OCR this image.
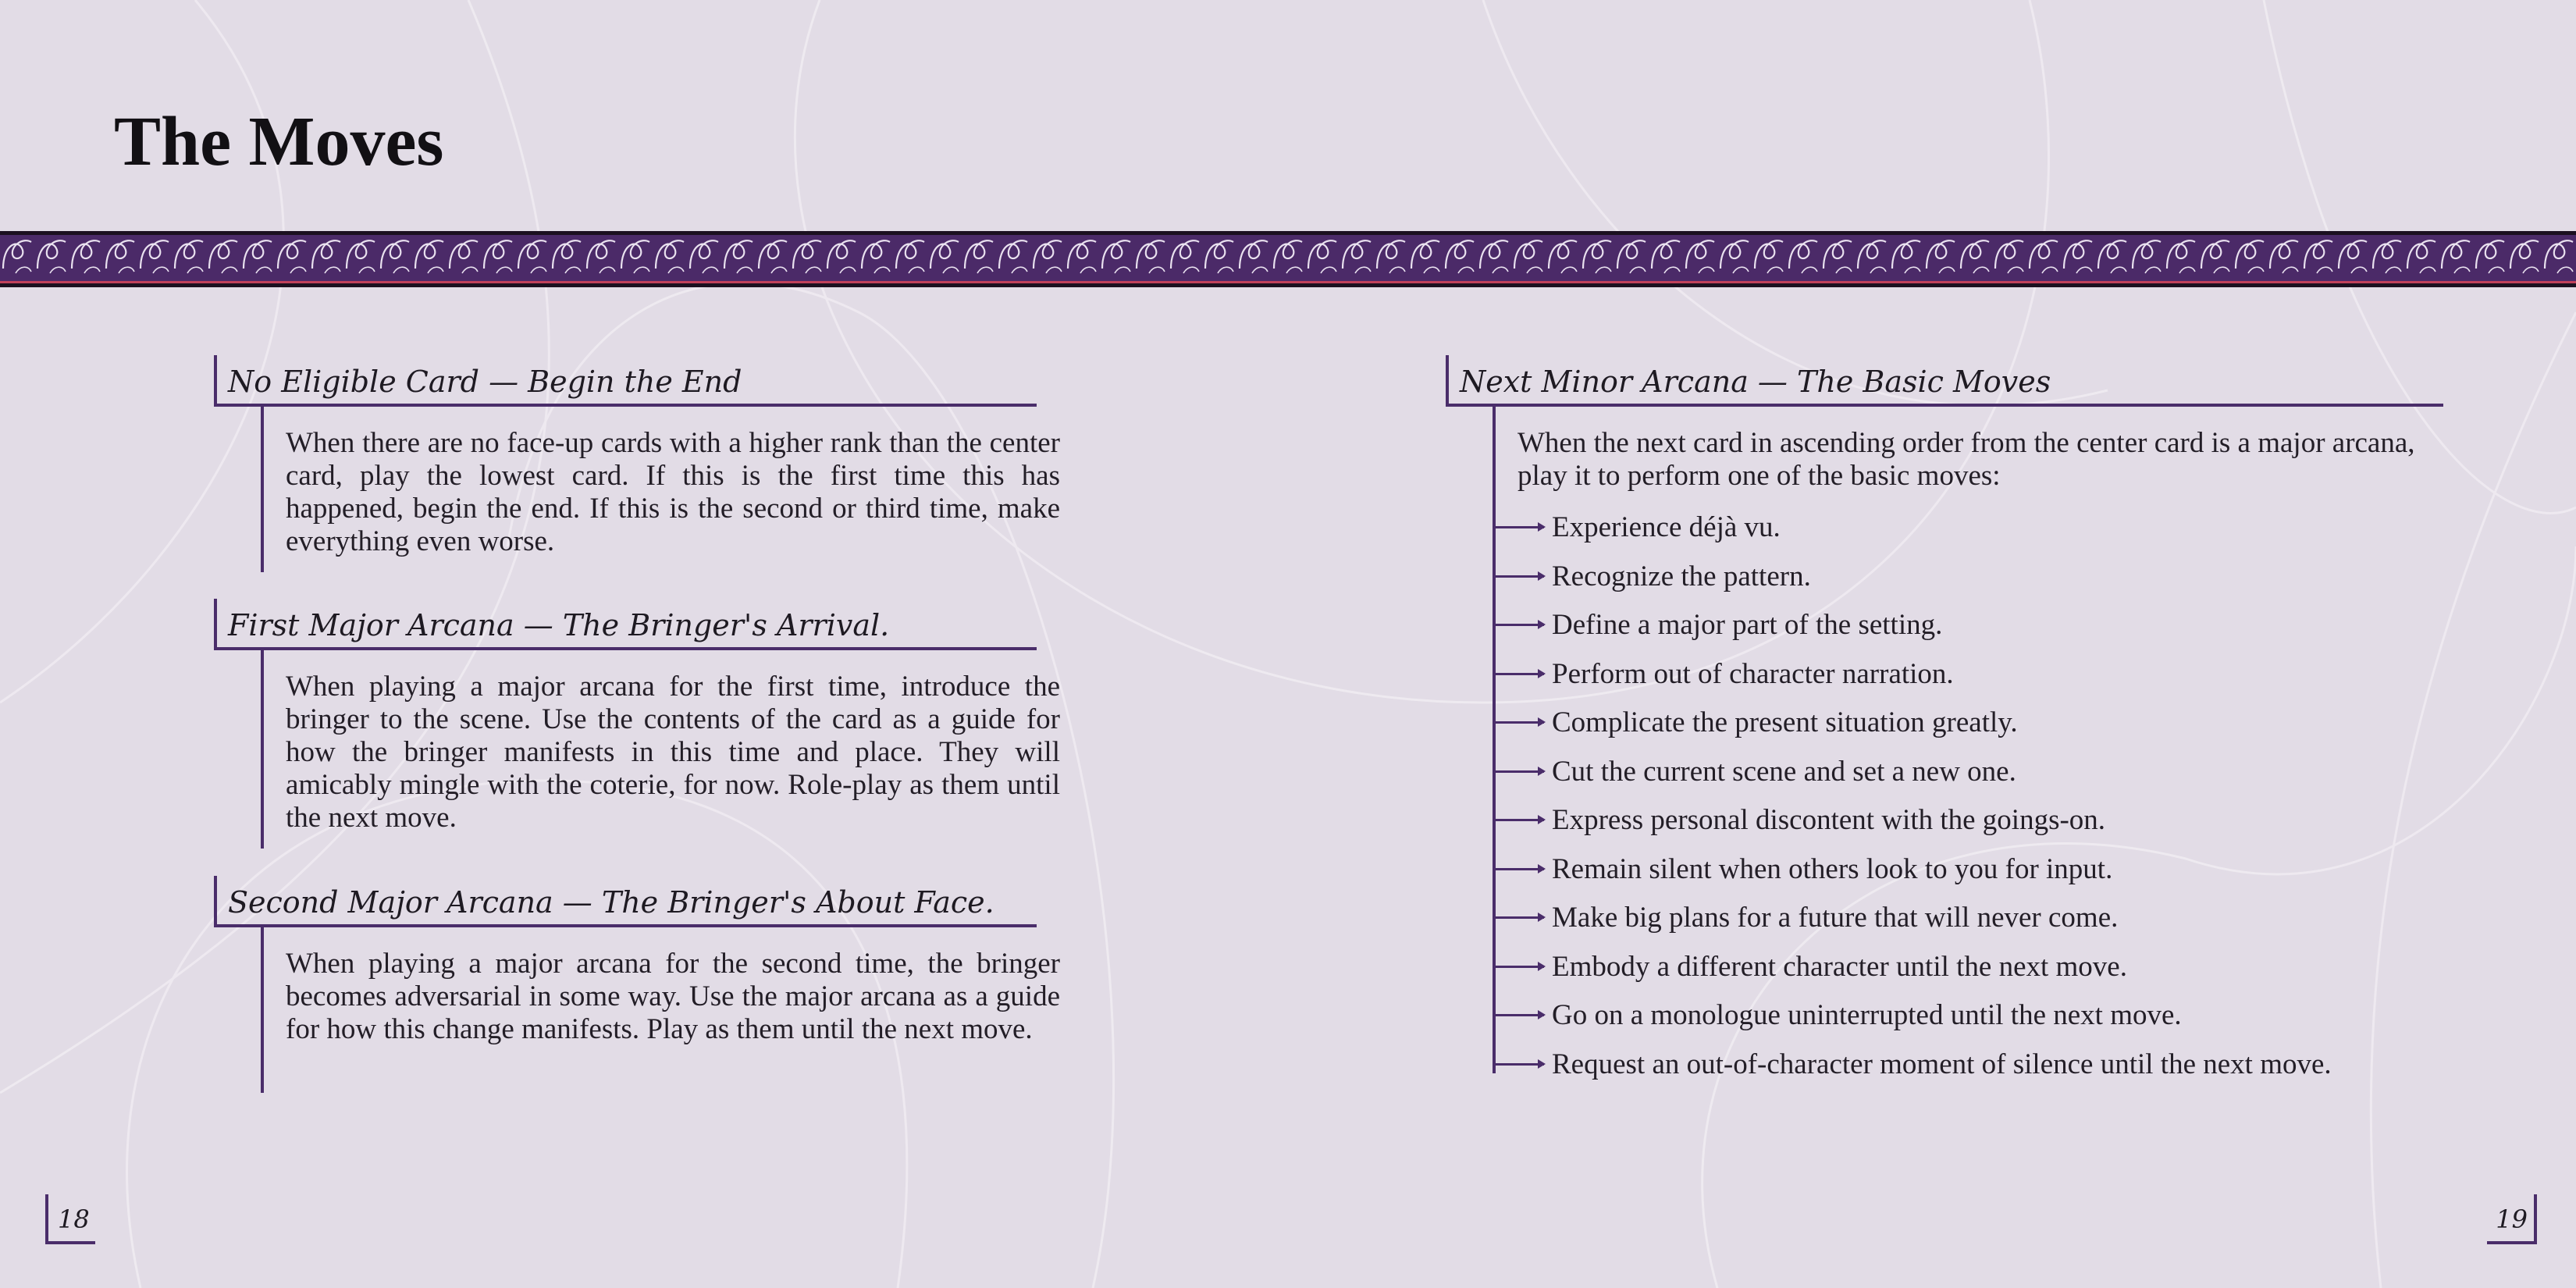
The Moves
No Eligible Card — Begin the End

When there are no face-up cards with a higher rank than the center card, play the lowest card. If this is the first time this has happened, begin the end. If this is the second or third time, make everything even worse.

First Major Arcana — The Bringer's Arrival.

When playing a major arcana for the first time, introduce the bringer to the scene. Use the contents of the card as a guide for how the bringer manifests in this time and place. They will amicably mingle with the coterie, for now. Role-play as them until the next move.

Second Major Arcana — The Bringer's About Face.

When playing a major arcana for the second time, the bringer becomes adversarial in some way. Use the major arcana as a guide for how this change manifests. Play as them until the next move.

Next Minor Arcana — The Basic Moves

When the next card in ascending order from the center card is a major arcana, play it to perform one of the basic moves:

Experience déjà vu.
Recognize the pattern.
Define a major part of the setting.
Perform out of character narration.
Complicate the present situation greatly.
Cut the current scene and set a new one.
Express personal discontent with the goings-on.
Remain silent when others look to you for input.
Make big plans for a future that will never come.
Embody a different character until the next move.
Go on a monologue uninterrupted until the next move.
Request an out-of-character moment of silence until the next move.
18	19
